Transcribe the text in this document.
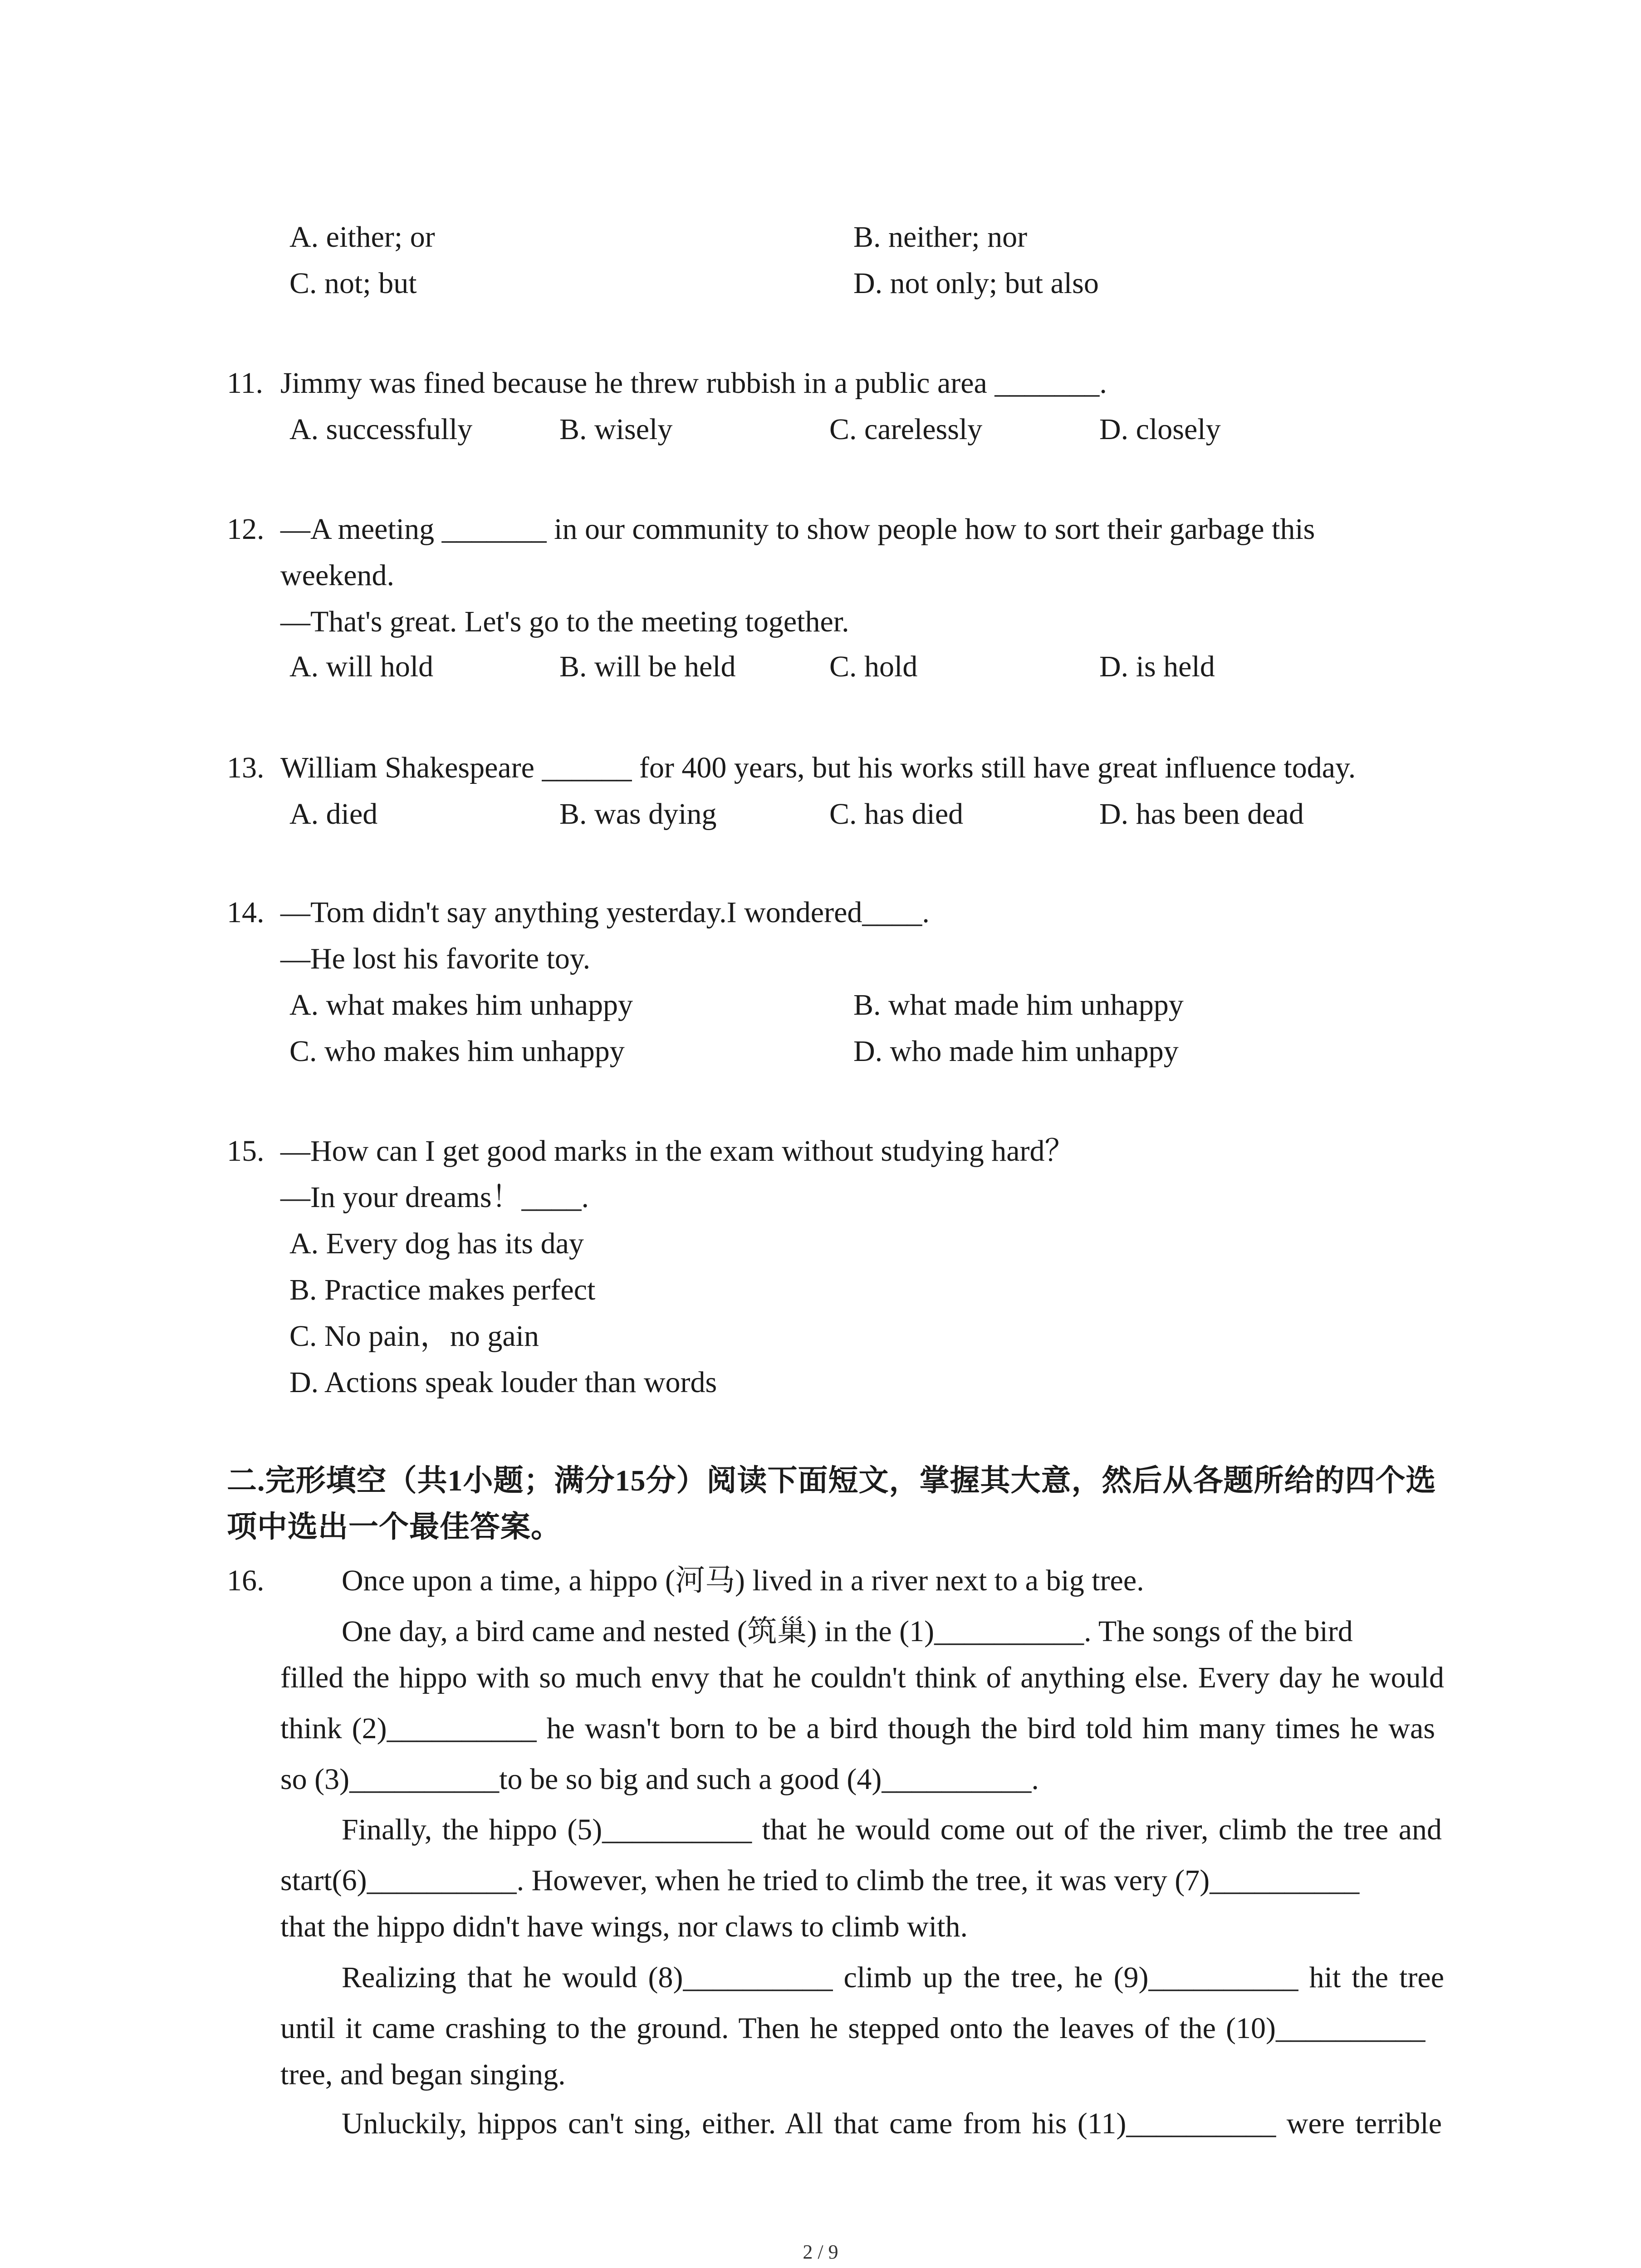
A. either; or	B. neither; nor
C. not; but	D. not only; but also
11. Jimmy was fined because he threw rubbish in a public area _______.
A. successfully	B. wisely	C. carelessly	D. closely
12. —A meeting _______ in our community to show people how to sort their garbage this
weekend.
—That's great. Let's go to the meeting together.
A. will hold	B. will be held	C. hold	D. is held
13. William Shakespeare ______ for 400 years, but his works still have great influence today.
A. died	B. was dying	C. has died	D. has been dead
14. —Tom didn't say anything yesterday.I wondered____.
—He lost his favorite toy.
A. what makes him unhappy	B. what made him unhappy
C. who makes him unhappy	D. who made him unhappy
15. —How can I get good marks in the exam without studying hard？
—In your dreams！____.
A. Every dog has its day
B. Practice makes perfect
C. No pain，no gain
D. Actions speak louder than words
二.完形填空（共1小题；满分15分）阅读下面短文，掌握其大意，然后从各题所给的四个选
项中选出一个最佳答案。
16.	Once upon a time, a hippo (河马) lived in a river next to a big tree.
One day, a bird came and nested (筑巢) in the (1)__________. The songs of the bird
filled the hippo with so much envy that he couldn't think of anything else. Every day he would
think (2)__________ he wasn't born to be a bird though the bird told him many times he was
so (3)__________to be so big and such a good (4)__________.
Finally, the hippo (5)__________ that he would come out of the river, climb the tree and
start(6)__________. However, when he tried to climb the tree, it was very (7)__________
that the hippo didn't have wings, nor claws to climb with.
Realizing that he would (8)__________ climb up the tree, he (9)__________ hit the tree
until it came crashing to the ground. Then he stepped onto the leaves of the (10)__________
tree, and began singing.
Unluckily, hippos can't sing, either. All that came from his (11)__________ were terrible
2 / 9
